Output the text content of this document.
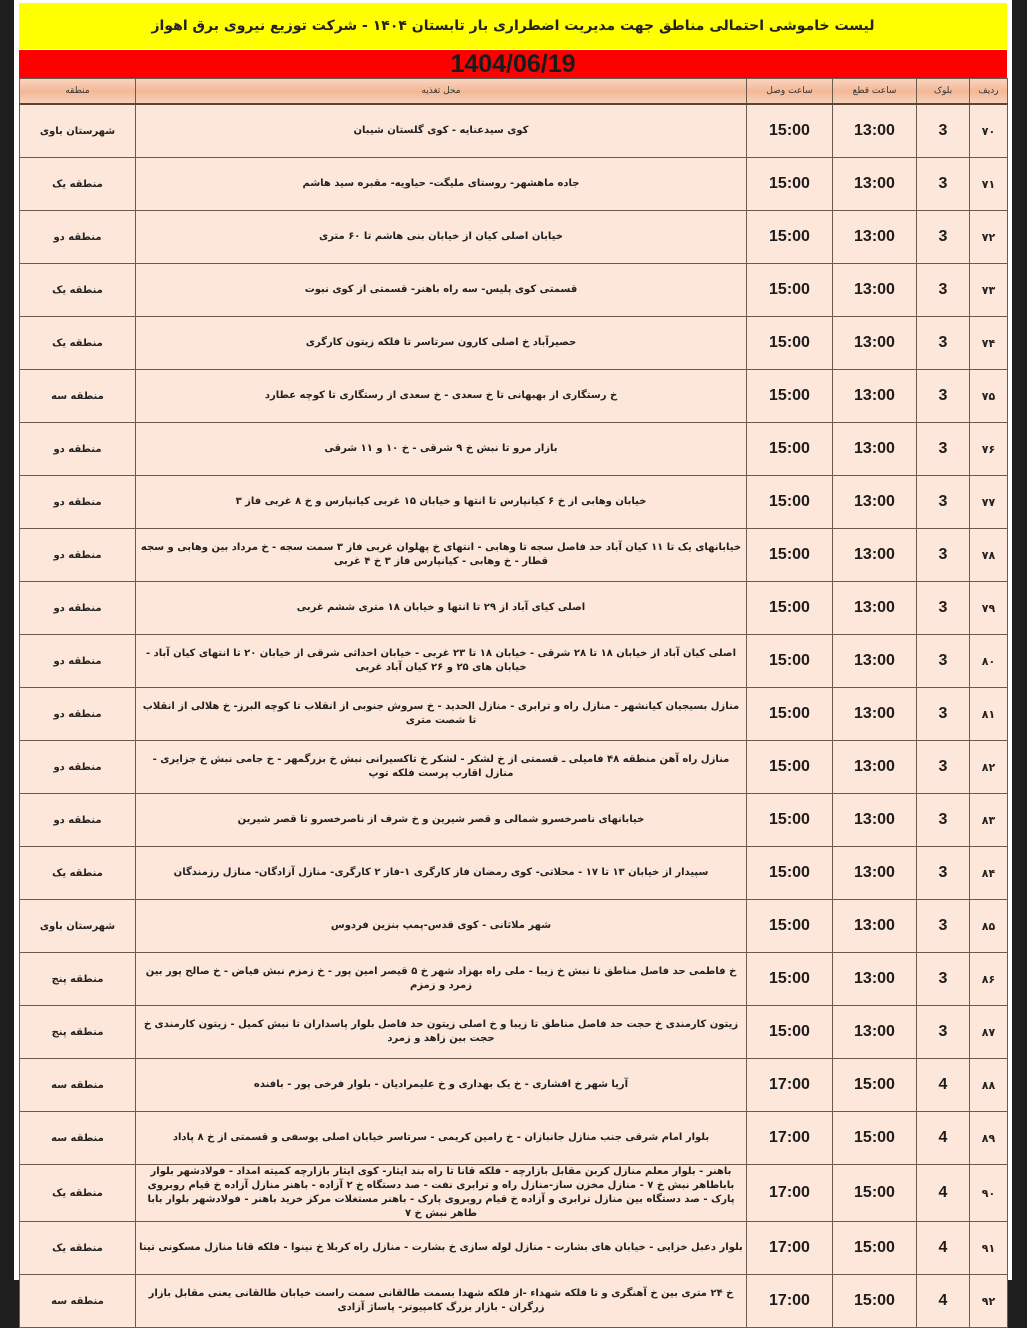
لیست خاموشی احتمالی مناطق جهت مدیریت اضطراری بار تابستان ۱۴۰۴ - شرکت توزیع نیروی برق اهواز
1404/06/19
ردیف	بلوک	ساعت قطع	ساعت وصل	محل تغذیه	منطقه
۷۰	3	13:00	15:00	کوی سیدعنایه - کوی گلستان شیبان	شهرستان باوی
۷۱	3	13:00	15:00	جاده ماهشهر- روستای ملیگت- حیاویه- مقبره سید هاشم	منطقه یک
۷۲	3	13:00	15:00	خیابان اصلی کیان از خیابان بنی هاشم تا ۶۰ متری	منطقه دو
۷۳	3	13:00	15:00	قسمتی کوی پلیس- سه راه باهنر- قسمتی از کوی نبوت	منطقه یک
۷۴	3	13:00	15:00	حصیرآباد خ اصلی کارون سرتاسر تا فلکه زیتون کارگری	منطقه یک
۷۵	3	13:00	15:00	خ رستگاری از بهبهانی تا خ سعدی - خ سعدی از رستگاری تا کوچه عطارد	منطقه سه
۷۶	3	13:00	15:00	بازار مرو تا نبش خ ۹ شرقی - خ ۱۰ و ۱۱ شرقی	منطقه دو
۷۷	3	13:00	15:00	خیابان وهابی از خ ۶ کیانپارس تا انتها و خیابان ۱۵ غربی کیانپارس و خ ۸ غربی فاز ۳	منطقه دو
۷۸	3	13:00	15:00	خیابانهای یک تا ۱۱ کیان آباد حد فاصل سجه تا وهابی - انتهای خ پهلوان غربی فاز ۳ سمت سجه - خ مرداد بین وهابی و سجه قطار - خ وهابی - کیانپارس فاز ۳ خ ۴ غربی	منطقه دو
۷۹	3	13:00	15:00	اصلی کیای آباد از ۲۹ تا انتها و خیابان ۱۸ متری ششم غربی	منطقه دو
۸۰	3	13:00	15:00	اصلی کیان آباد از خیابان ۱۸ تا ۲۸ شرقی - خیابان ۱۸ تا ۲۳ غربی - خیابان احداثی شرقی از خیابان ۲۰ تا انتهای کیان آباد - خیابان های ۲۵ و ۲۶ کیان آباد غربی	منطقه دو
۸۱	3	13:00	15:00	منازل بسیجیان کیانشهر - منازل راه و ترابری - منازل الحدید - خ سروش جنوبی از انقلاب تا کوچه البرز- خ هلالی از انقلاب تا شصت متری	منطقه دو
۸۲	3	13:00	15:00	منازل راه آهن منطقه ۴۸ فامیلی ـ قسمتی از خ لشکر - لشکر خ تاکسیرانی نبش خ بزرگمهر - خ جامی نبش خ جزایری - منازل اقارب پرست فلکه توپ	منطقه دو
۸۳	3	13:00	15:00	خیابانهای ناصرخسرو شمالی و قصر شیرین و خ شرف از ناصرخسرو تا قصر شیرین	منطقه دو
۸۴	3	13:00	15:00	سپیدار از خیابان ۱۳ تا ۱۷ - محلاتی- کوی رمضان فاز کارگری ۱-فاز ۲ کارگری- منازل آزادگان- منازل رزمندگان	منطقه یک
۸۵	3	13:00	15:00	شهر ملاثانی - کوی قدس-پمپ بنزین فردوس	شهرستان باوی
۸۶	3	13:00	15:00	خ فاطمی حد فاصل مناطق تا نبش خ زیبا - ملی راه بهزاد شهر خ ۵ قیصر امین پور - خ زمزم نبش فیاض - خ صالح پور بین زمرد و زمزم	منطقه پنج
۸۷	3	13:00	15:00	زیتون کارمندی خ حجت حد فاصل مناطق تا زیبا و خ اصلی زیتون حد فاصل بلوار پاسداران تا نبش کمیل - زیتون کارمندی خ حجت بین زاهد و زمرد	منطقه پنج
۸۸	4	15:00	17:00	آریا شهر خ افشاری - خ یک بهداری و خ علیمرادیان - بلوار فرخی پور - بافنده	منطقه سه
۸۹	4	15:00	17:00	بلوار امام شرقی جنب منازل جانبازان - خ رامین کریمی - سرتاسر خیابان اصلی یوسفی و قسمتی از خ ۸ پاداد	منطقه سه
۹۰	4	15:00	17:00	باهنر - بلوار معلم منازل کربن مقابل بازارچه - فلکه قانا تا راه بند ایثار- کوی ایثار بازارچه کمیته امداد - فولادشهر بلوار باباطاهر نبش خ ۷ - منازل مخزن ساز-منازل راه و ترابری نفت - صد دستگاه خ ۲ آزاده - باهنر منازل آزاده خ قیام روبروی پارک - صد دستگاه بین منازل ترابری و آزاده خ قیام روبروی پارک - باهنر مستغلات مرکز خرید باهنر - فولادشهر بلوار بابا طاهر نبش خ ۷	منطقه یک
۹۱	4	15:00	17:00	بلوار دعبل خزایی - خیابان های بشارت - منازل لوله سازی خ بشارت - منازل راه کربلا خ نینوا - فلکه قانا منازل مسکونی تینا	منطقه یک
۹۲	4	15:00	17:00	خ ۲۴ متری بین خ آهنگری و تا فلکه شهداء -از فلکه شهدا بسمت طالقانی سمت راست خیابان طالقانی یعنی مقابل بازار زرگران - بازار بزرگ کامپیوتر- پاساژ آزادی	منطقه سه
